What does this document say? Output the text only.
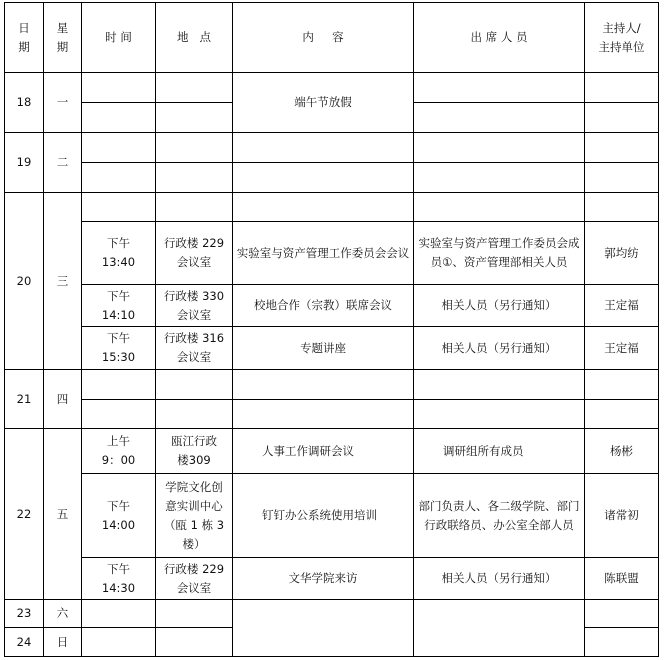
日
期	星
期	时 间	地   点	内     容	出 席 人 员	主持人/
主持单位

18	一			端午节放假		

19	二					

20	三					

		下午
13:40	行政楼 229
会议室	实验室与资产管理工作委员会会议	实验室与资产管理工作委员会成员①、资产管理部相关人员	郭均纺

		下午
14:10	行政楼 330
会议室	校地合作（宗教）联席会议	相关人员（另行通知）	王定福

		下午
15:30	行政楼 316
会议室	专题讲座	相关人员（另行通知）	王定福
21	四					

22	五	上午
9：00	瓯江行政
楼309	人事工作调研会议	调研组所有成员	杨彬

		下午
14:00	学院文化创
意实训中心
（瓯 1 栋 3
楼）	钉钉办公系统使用培训	部门负责人、各二级学院、部门行政联络员、办公室全部人员	诸常初

		下午
14:30	行政楼 229
会议室	文华学院来访	相关人员（另行通知）	陈联盟
23	六					
24	日					
